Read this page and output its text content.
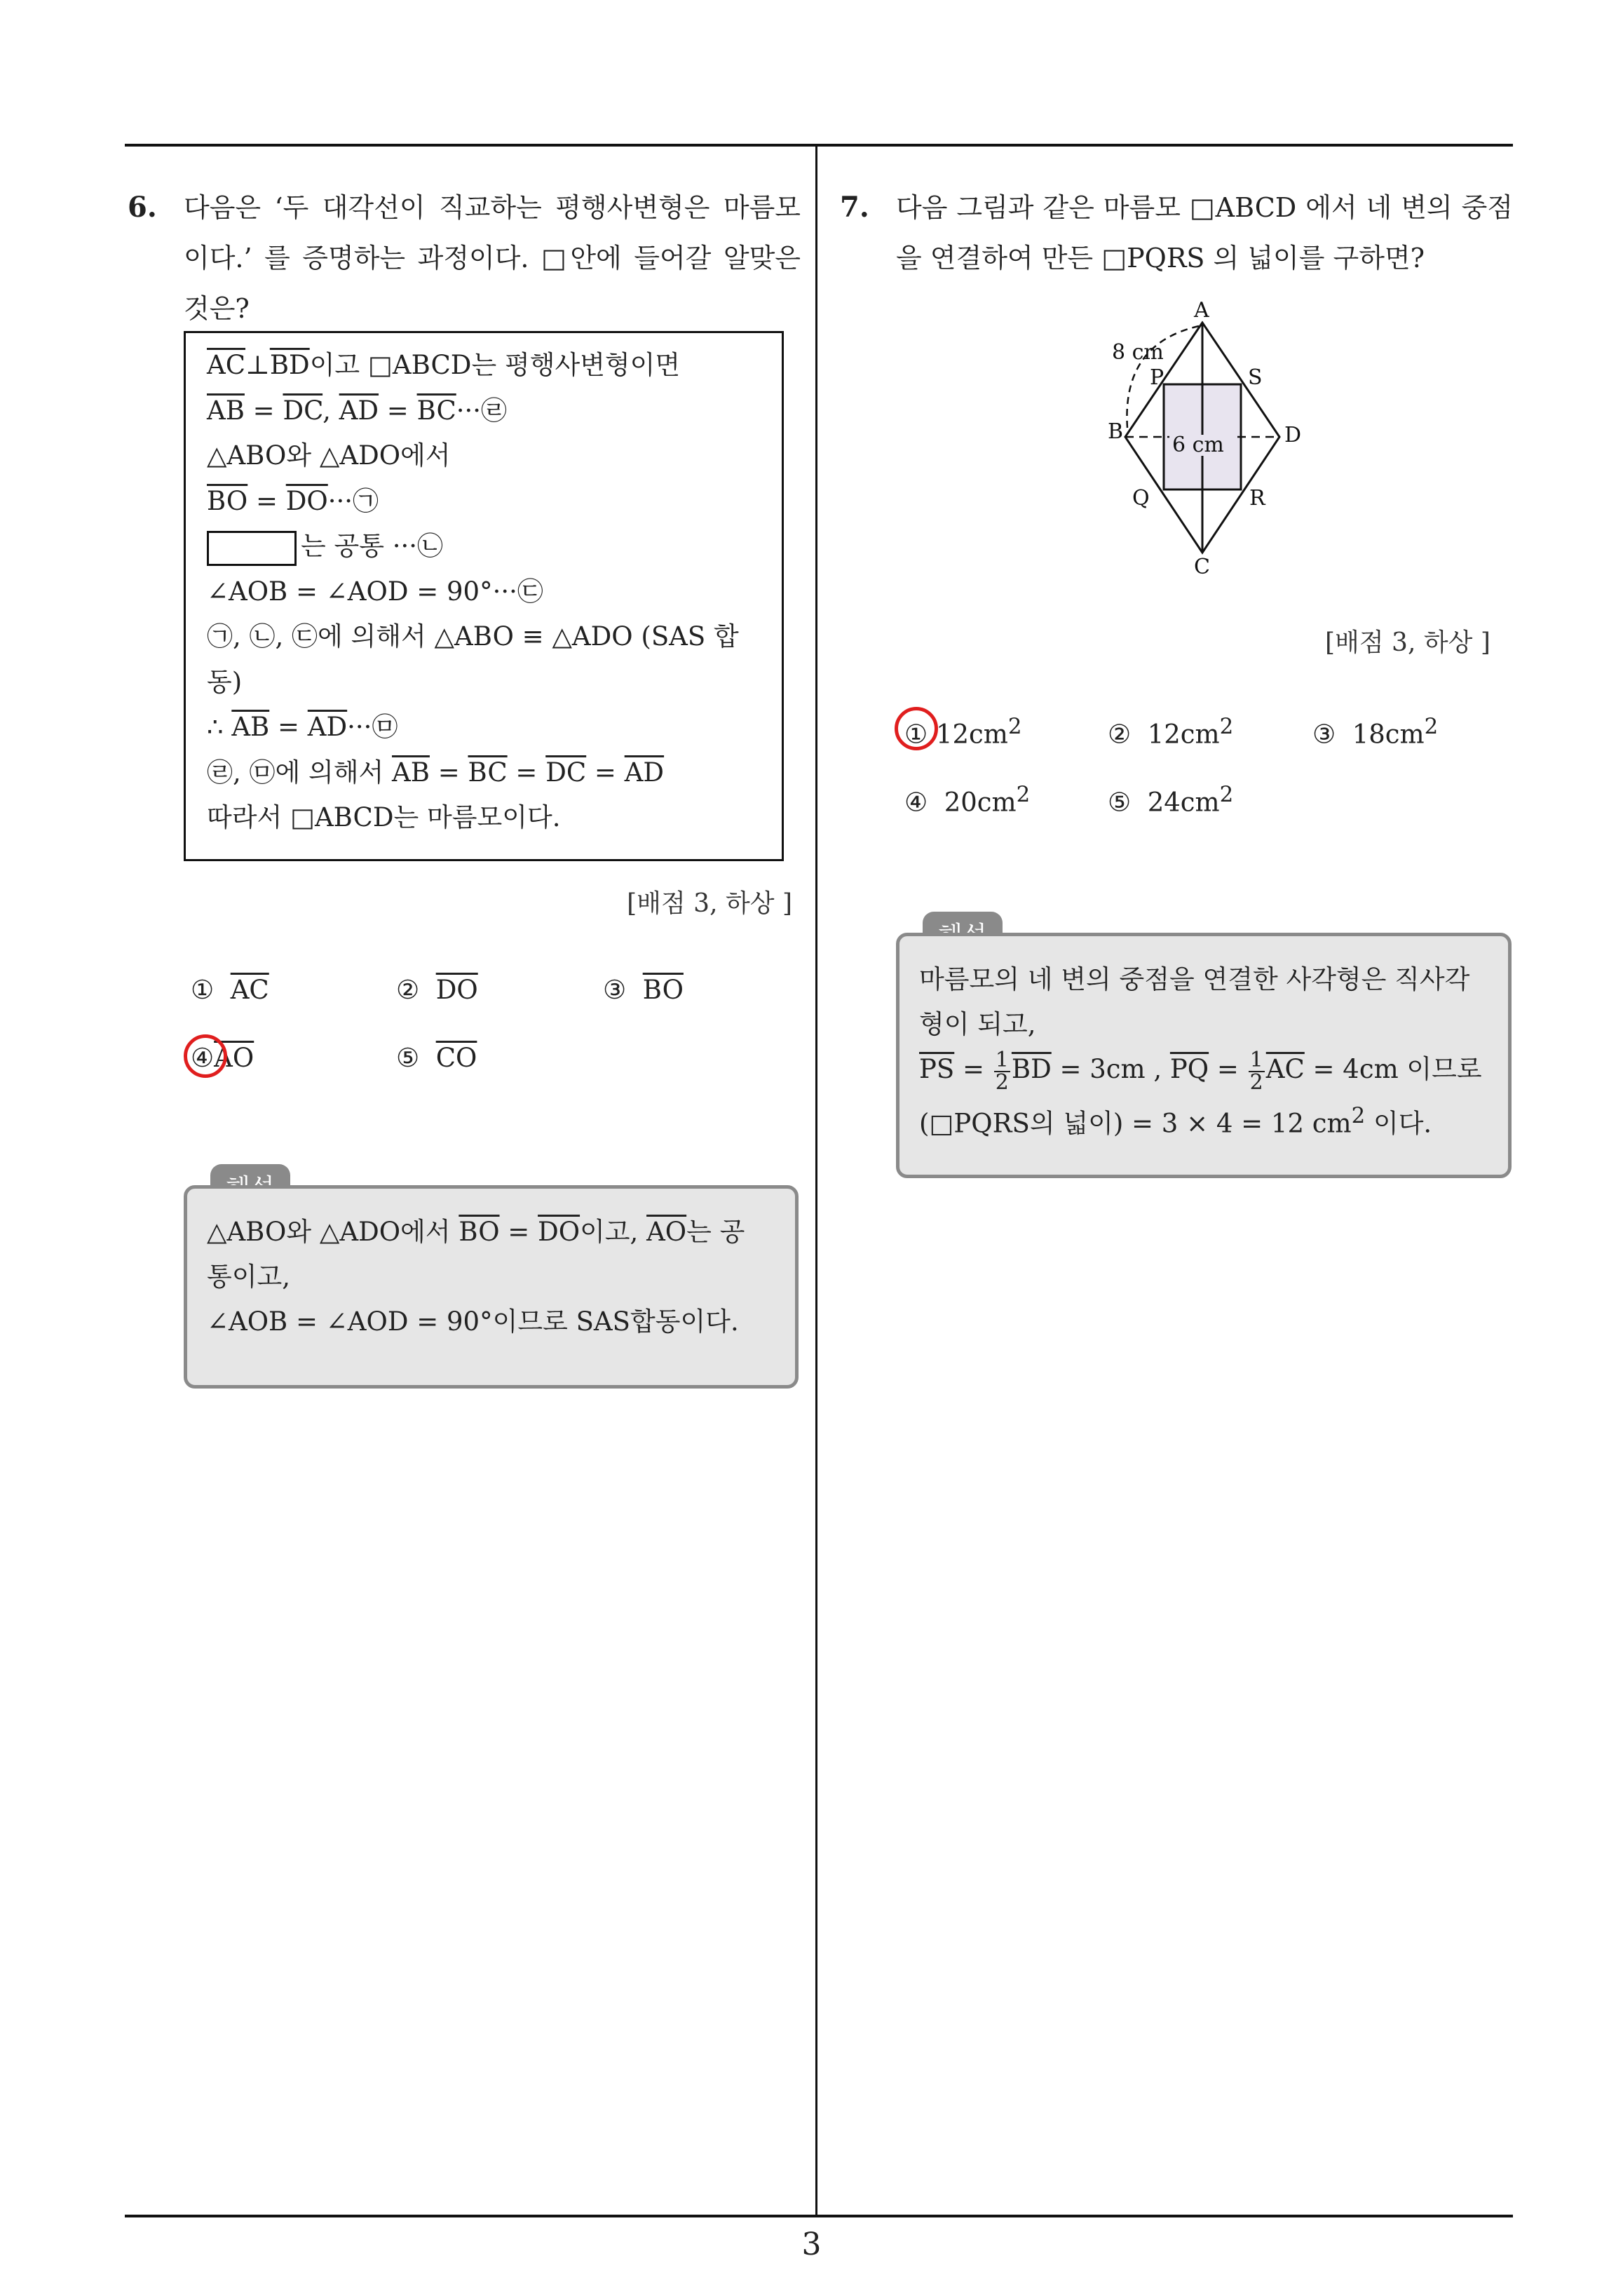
6. 다음은 ‘두 대각선이 직교하는 평행사변형은 마름모이다.’ 를 증명하는 과정이다. □안에 들어갈 알맞은 것은?
$\overline{AC}\perp\overline{BD}$이고 □ABCD는 평행사변형이면
$\overline{AB} = \overline{DC}$, $\overline{AD}$ = $\overline{BC}\cdot\cdot\cdot㉣$
△ABO와 △ADO에서
$\overline{BO}$ = $\overline{DO}\cdot\cdot\cdot㉠$
는 공통 ···㉡
∠AOB = ∠AOD = 90°···㉢
㉠, ㉡, ㉢에 의해서 △ABO ≡ △ADO (SAS 합
동)
∴ $\overline{AB}$ = $\overline{AD}\cdot\cdot\cdot㉤$
㉣, ㉤에 의해서 $\overline{AB} = \overline{BC} = \overline{DC} = \overline{AD}$
따라서 □ABCD는 마름모이다.
[배점 3, 하상 ]
① $\overline{AC}$	② $\overline{DO}$	③ $\overline{BO}$
$④\overline{AO}$	⑤ $\overline{CO}$
△ABO와 △ADO에서 $\overline{BO} = \overline{DO}$이고, $\overline{AO}$는 공
통이고,
∠AOB = ∠AOD = 90°이므로 SAS합동이다.
7. 다음 그림과 같은 마름모 □ABCD 에서 네 변의 중점을 연결하여 만든 □PQRS 의 넓이를 구하면?
A
B
C
D
P
Q	R
S
8 cm
6 cm
[배점 3, 하상 ]
① $12cm^2$	② $12cm^2$	③ $18cm^2$
④ $20cm^2$	⑤ $24cm^2$
마름모의 네 변의 중점을 연결한 사각형은 직사각
형이 되고,
$\overline{PS} = \frac{1}{2} \overline{BD} = 3cm$ , $\overline{PQ} = \frac{1}{2} \overline{AC} = 4cm$ 이므로
(□PQRS의 넓이) = 3 × 4 = 12 $cm^2$ 이다.
3
